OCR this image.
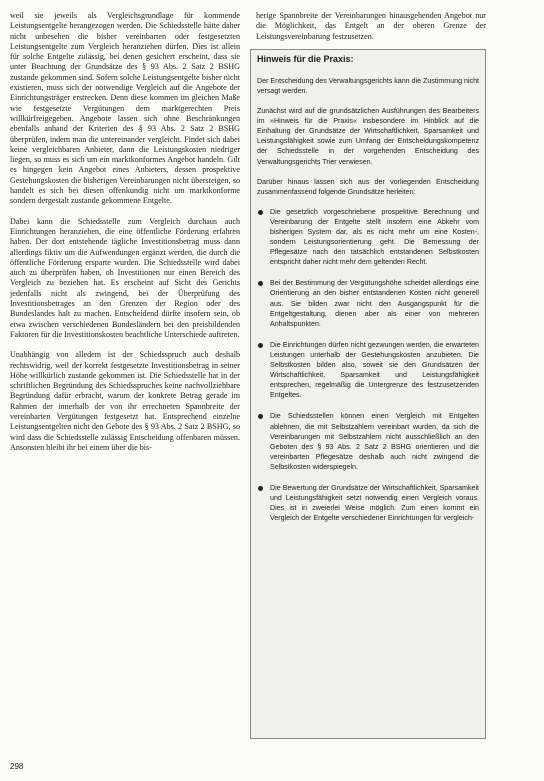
weil sie jeweils als Vergleichsgrundlage für kommende Leistungsentgelte herangezogen werden. Die Schiedsstelle hätte daher nicht unbesehen die bisher vereinbarten oder festgesetzten Leistungsentgelte zum Vergleich heranziehen dürfen. Dies ist allein für solche Entgelte zulässig, bei denen gesichert erscheint, dass sie unter Beachtung der Grundsätze des § 93 Abs. 2 Satz 2 BSHG zustande gekommen sind. Sofern solche Leistungsentgelte bisher nicht existieren, muss sich der notwendige Vergleich auf die Angebote der Einrichtungsträger erstrecken. Denn diese kommen im gleichen Maße wie festgesetzte Vergütungen dem marktgerechten Preis willkürfreigegeben. Angebote lassen sich ohne Beschränkungen ebenfalls anhand der Kriterien des § 93 Abs. 2 Satz 2 BSHG überprüfen, indem man die untereinander vergleicht. Findet sich dabei keine vergleichbaren Anbieter, dann die Leistungskosten niedriger liegen, so muss es sich um ein marktkonformes Angebot handeln. Gilt es hingegen kein Angebot eines Anbieters, dessen prospektive Gestehungskosten die bisherigen Vereinbarungen nicht übersteigen, so handelt es sich bei diesen offenkundig nicht um marktkonforme sondern dergestalt zustande gekommene Entgelte.

Dabei kann die Schiedsstelle zum Vergleich durchaus auch Einrichtungen heranziehen, die eine öffentliche Förderung erfahren haben. Der dort entstehende tägliche Investitionsbetrag muss dann allerdings fiktiv um die Aufwendungen ergänzt werden, die durch die öffentliche Förderung ersparte wurden. Die Schiedsstelle wird dabei auch zu überprüfen haben, ob Investitionen nur einen Bereich des Vergleich zu beziehen hat. Es erscheint auf Sicht des Gerichts jedenfalls nicht als zwingend, bei der Überprüfung des Investitionsbetrages an den Grenzen der Region oder des Bundeslandes halt zu machen. Entscheidend dürfte insofern sein, ob etwa zwischen verschiedenen Bundesländern bei den preisbildenden Faktoren für die Investitionskosten beachtliche Unterschiede auftreten.

Unabhängig von alledem ist der Schiedsspruch auch deshalb rechtswidrig, weil der korrekt festgesetzte Investitionsbetrag in seiner Höhe willkürlich zustande gekommen ist. Die Schiedsstelle hat in der schriftlichen Begründung des Schiedsspruches keine nachvollziehbare Begründung dafür erbracht, warum der konkrete Betrag gerade im Rahmen der innerhalb der von ihr errechneten Spannbreite der vereinbarten Vergütungen festgesetzt hat. Entsprechend einzelne Leistungsentgelten nicht den Gebote des § 93 Abs. 2 Satz 2 BSHG, so wird dass die Schiedsstelle zulässig Entscheidung offenbaren müssen. Ansonsten bleibt ihr bei einem über die bis-

herige Spannbreite der Vereinbarungen hinausgehenden Angebot nur die Möglichkeit, das Entgelt an der oberen Grenze der Leistungsvereinbarung festzusetzen.

Hinweis für die Praxis:

Der Entscheidung des Verwaltungsgerichts kann die Zustimmung nicht versagt werden.

Zunächst wird auf die grundsätzlichen Ausführungen des Bearbeiters im »Hinweis für die Praxis« insbesondere im Hinblick auf die Einhaltung der Grundsätze der Wirtschaftlichkeit, Sparsamkeit und Leistungsfähigkeit sowie zum Umfang der Entscheidungskompetenz der Schiedsstelle in der vorgehenden Entscheidung des Verwaltungsgerichts Trier verwiesen.

Darüber hinaus lassen sich aus der vorliegenden Entscheidung zusammenfassend folgende Grundsätze herleiten:

Die gesetzlich vorgeschriebene prospektive Berechnung und Vereinbarung der Entgelte stellt insofern eine Abkehr vom bisherigen System dar, als es nicht mehr um eine Kosten-, sondern Leistungsorientierung geht. Die Bemessung der Pflegesätze nach den tatsächlich entstandenen Selbstkosten entspricht daher nicht mehr dem geltenden Recht.
Bei der Bestimmung der Vergütungshöhe scheidet allerdings eine Orientierung an den bisher entstandenen Kosten nicht generell aus. Sie bilden zwar nicht den Ausgangspunkt für die Entgeltgestaltung, dienen aber als einer von mehreren Anhaltspunkten.
Die Einrichtungen dürfen nicht gezwungen werden, die erwarteten Leistungen unterhalb der Gestehungskosten anzubieten. Die Selbstkosten bilden also, soweit sie den Grundsätzen der Wirtschaftlichkeit, Sparsamkeit und Leistungsfähigkeit entsprechen, regelmäßig die Untergrenze des festzusetzenden Entgeltes.
Die Schiedsstellen können einen Vergleich mit Entgelten ablehnen, die mit Selbstzahlern vereinbart wurden, da sich die Vereinbarungen mit Selbstzahlern nicht ausschließlich an den Geboten des § 93 Abs. 2 Satz 2 BSHG orientieren und die vereinbarten Pflegesätze deshalb auch nicht zwingend die Selbstkosten widerspiegeln.
Die Bewertung der Grundsätze der Wirtschaftlichkeit, Sparsamkeit und Leistungsfähigkeit setzt notwendig einen Vergleich voraus. Dies ist in zweierlei Weise möglich. Zum einen kommt ein Vergleich der Entgelte verschiedener Einrichtungen für vergleich-
298
